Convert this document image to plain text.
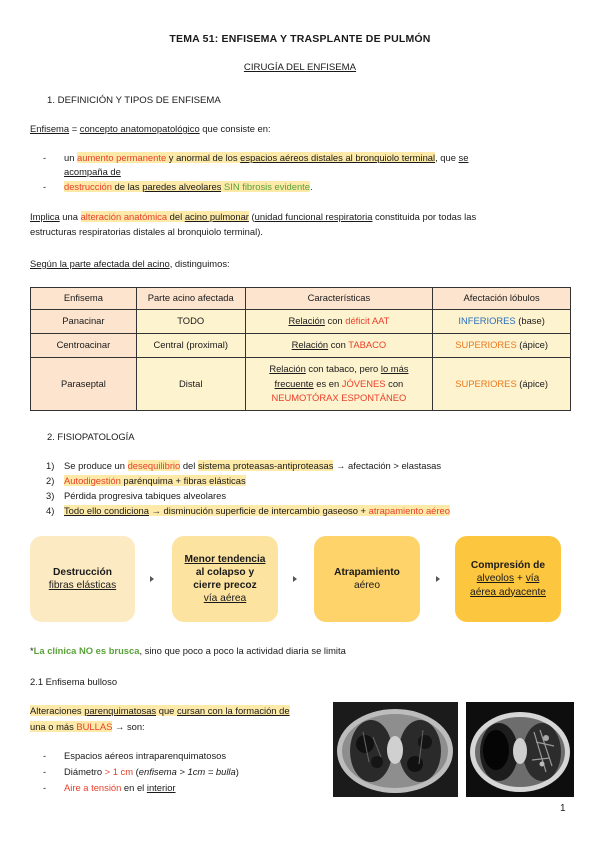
TEMA 51: ENFISEMA Y TRASPLANTE DE PULMÓN
CIRUGÍA DEL ENFISEMA
1. DEFINICIÓN Y TIPOS DE ENFISEMA
Enfisema = concepto anatomopatológico que consiste en:
- un aumento permanente y anormal de los espacios aéreos distales al bronquiolo terminal, que se
acompaña de
- destrucción de las paredes alveolares SIN fibrosis evidente.
Implica una alteración anatómica del acino pulmonar (unidad funcional respiratoria constituida por todas las
estructuras respiratorias distales al bronquiolo terminal).
Según la parte afectada del acino, distinguimos:
Enfisema	Parte acino afectada	Características	Afectación lóbulos
Panacinar	TODO	Relación con déficit AAT	INFERIORES (base)
Centroacinar	Central (proximal)	Relación con TABACO	SUPERIORES (ápice)
Paraseptal	Distal	Relación con tabaco, pero lo más
frecuente es en JÓVENES con
NEUMOTÓRAX ESPONTÁNEO	SUPERIORES (ápice)
2. FISIOPATOLOGÍA
1) Se produce un desequilibrio del sistema proteasas-antiproteasas → afectación > elastasas
2) Autodigestión parénquima + fibras elásticas
3) Pérdida progresiva tabiques alveolares
4) Todo ello condiciona → disminución superficie de intercambio gaseoso + atrapamiento aéreo
Destrucción
fibras elásticas
Menor tendencia
al colapso y
cierre precoz
vía aérea
Atrapamiento
aéreo
Compresión de
alveolos + vía
aérea adyacente
*La clínica NO es brusca, sino que poco a poco la actividad diaria se limita
2.1 Enfisema bulloso
Alteraciones parenquimatosas que cursan con la formación de
una o más BULLAS → son:
- Espacios aéreos intraparenquimatosos
- Diámetro > 1 cm (enfisema > 1cm = bulla)
- Aire a tensión en el interior
1
